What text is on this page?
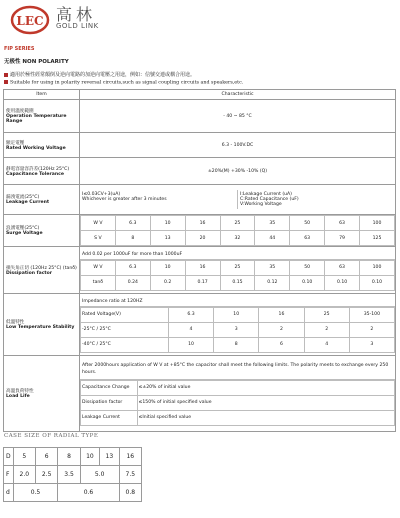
LEC 高林
GOLD LINK
FIP SERIES
无极性 NON POLARITY
適用於極性經常顛倒及逆向電路的加逆向電壓之用途，例如：信號交連或耦合用途。
Suitable for using in polarity reversal circuits,such as signal coupling circuits and speakers,etc.
Item	Characteristic

使用溫度範圍
Operation Temperature Range
	- 40 ~ 85 °C

額定電壓
Rated Working Voltage
	6.3 - 100V.DC

靜電容量容許差(120Hz 25°C)
Capacitance Tolerance
	±20%(M) +30% -10% (Q)

漏洩電流(25°C)
Leakage Current

I≤0.03CV+3(uA)
Whichever is greater after 3 minutes
I:Leakage Current (uA)
C:Rated Capacitance (uF)
V:Working Voltage

浪湧電壓(25°C)
Surge Voltage

W V	6.3	10	16	25	35	50	63	100
S V	8	13	20	32	44	63	79	125

損失角正切 (120Hz 25°C) (tanδ)
Dissipation factor

Add 0.02 per 1000uF for more than 1000uF
W V	6.3	10	16	25	35	50	63	100
tanδ	0.24	0.2	0.17	0.15	0.12	0.10	0.10	0.10

低溫特性
Low Temperature Stability

Impedance ratio at 120HZ
Rated Voltage(V)	6.3	10	16	25	35-100
-25°C / 25°C	4	3	2	2	2
-40°C / 25°C	10	8	6	4	3

高溫負荷特性
Load Life

After 2000hours application of W V at +85°C the capacitor shall meet the following limits. The polarity meets to exchange every 250 hours.
Capacitance Change	≤±20% of initial value
Dissipation factor	≤150% of initial specified value
Leakage Current	≤Initial specified value
CASE SIZE OF RADIAL TYPE
D	5	6	8	10	13	16
F	2.0	2.5	3.5	5.0		7.5
d	0.5		0.6			0.8
